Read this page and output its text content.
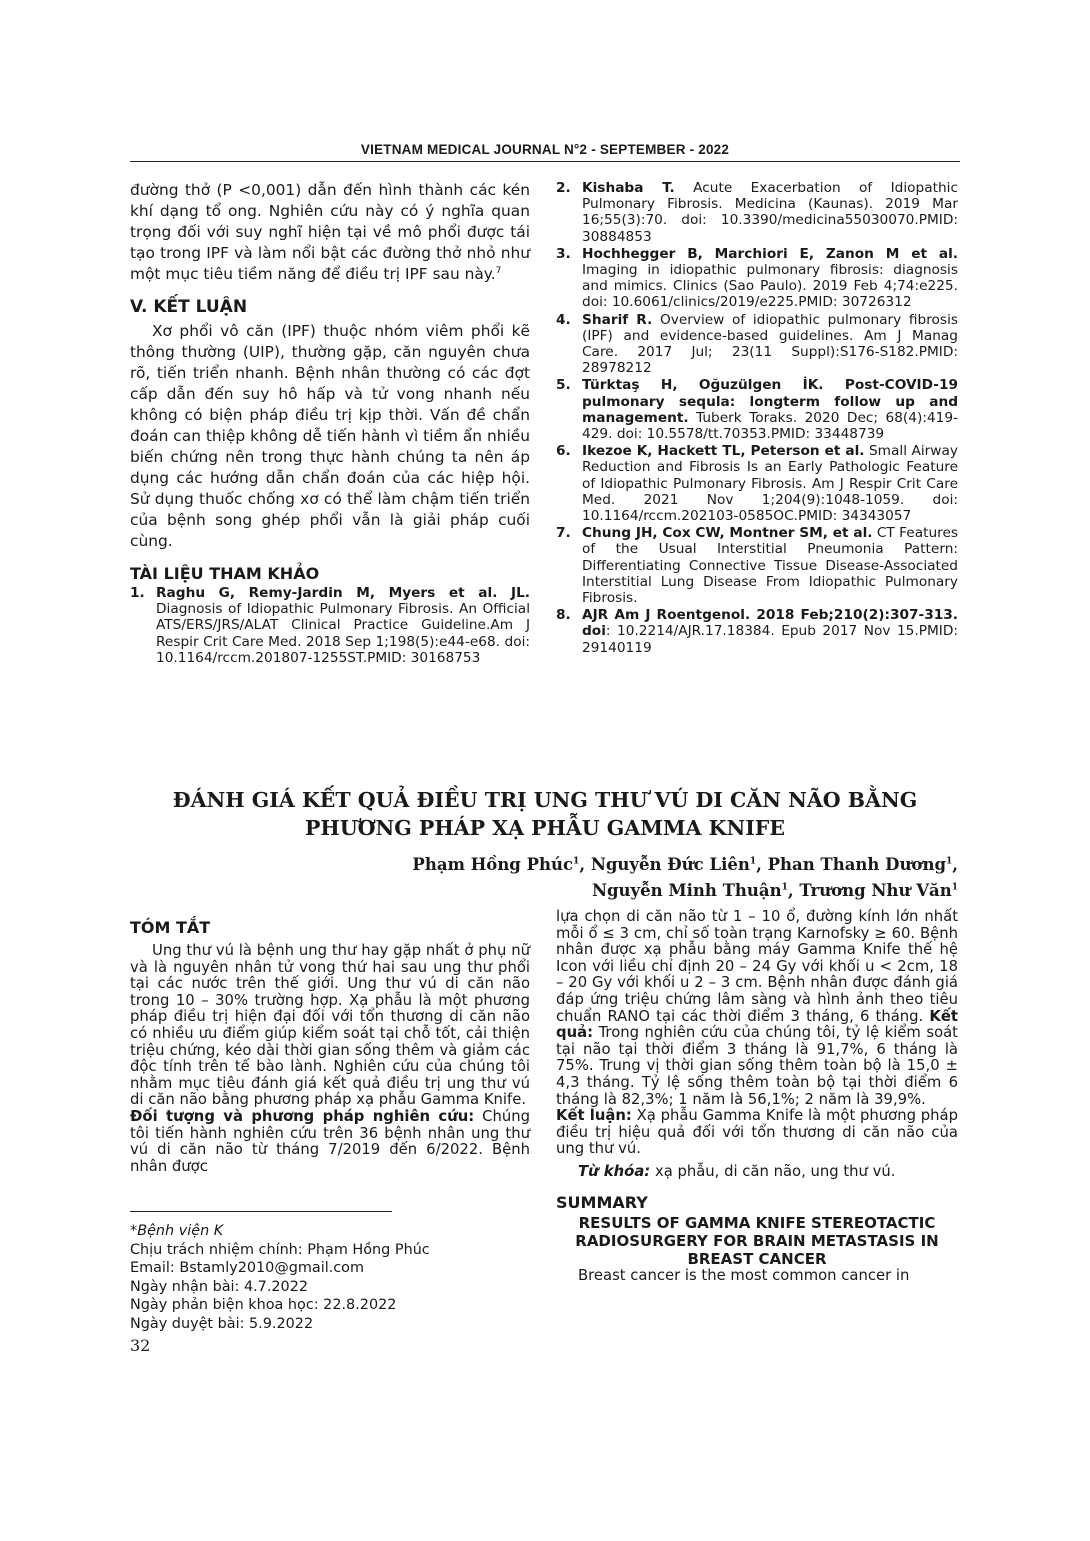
VIETNAM MEDICAL JOURNAL N°2 - SEPTEMBER - 2022

đường thở (P <0,001) dẫn đến hình thành các kén khí dạng tổ ong. Nghiên cứu này có ý nghĩa quan trọng đối với suy nghĩ hiện tại về mô phổi được tái tạo trong IPF và làm nổi bật các đường thở nhỏ như một mục tiêu tiềm năng để điều trị IPF sau này.$^7$

V. KẾT LUẬN

Xơ phổi vô căn (IPF) thuộc nhóm viêm phổi kẽ thông thường (UIP), thường gặp, căn nguyên chưa rõ, tiến triển nhanh. Bệnh nhân thường có các đợt cấp dẫn đến suy hô hấp và tử vong nhanh nếu không có biện pháp điều trị kịp thời. Vấn đề chẩn đoán can thiệp không dễ tiến hành vì tiềm ẩn nhiều biến chứng nên trong thực hành chúng ta nên áp dụng các hướng dẫn chẩn đoán của các hiệp hội. Sử dụng thuốc chống xơ có thể làm chậm tiến triển của bệnh song ghép phổi vẫn là giải pháp cuối cùng.

TÀI LIỆU THAM KHẢO
1. Raghu G, Remy-Jardin M, Myers et al. JL. Diagnosis of Idiopathic Pulmonary Fibrosis. An Official ATS/ERS/JRS/ALAT Clinical Practice Guideline.Am J Respir Crit Care Med. 2018 Sep 1;198(5):e44-e68. doi: 10.1164/rccm.201807-1255ST.PMID: 30168753
2. Kishaba T. Acute Exacerbation of Idiopathic Pulmonary Fibrosis. Medicina (Kaunas). 2019 Mar 16;55(3):70. doi: 10.3390/medicina55030070.PMID: 30884853
3. Hochhegger B, Marchiori E, Zanon M et al. Imaging in idiopathic pulmonary fibrosis: diagnosis and mimics. Clinics (Sao Paulo). 2019 Feb 4;74:e225. doi: 10.6061/clinics/2019/e225.PMID: 30726312
4. Sharif R. Overview of idiopathic pulmonary fibrosis (IPF) and evidence-based guidelines. Am J Manag Care. 2017 Jul; 23(11 Suppl):S176-S182.PMID: 28978212
5. Türktaş H, Oğuzülgen İK. Post-COVID-19 pulmonary sequla: longterm follow up and management. Tuberk Toraks. 2020 Dec; 68(4):419-429. doi: 10.5578/tt.70353.PMID: 33448739
6. Ikezoe K, Hackett TL, Peterson et al. Small Airway Reduction and Fibrosis Is an Early Pathologic Feature of Idiopathic Pulmonary Fibrosis. Am J Respir Crit Care Med. 2021 Nov 1;204(9):1048-1059. doi: 10.1164/rccm.202103-0585OC.PMID: 34343057
7. Chung JH, Cox CW, Montner SM, et al. CT Features of the Usual Interstitial Pneumonia Pattern: Differentiating Connective Tissue Disease-Associated Interstitial Lung Disease From Idiopathic Pulmonary Fibrosis.
8. AJR Am J Roentgenol. 2018 Feb;210(2):307-313. doi: 10.2214/AJR.17.18384. Epub 2017 Nov 15.PMID: 29140119
ĐÁNH GIÁ KẾT QUẢ ĐIỀU TRỊ UNG THƯ VÚ DI CĂN NÃO BẰNG
PHƯƠNG PHÁP XẠ PHẪU GAMMA KNIFE
Phạm Hồng Phúc$^1$, Nguyễn Đức Liên$^1$, Phan Thanh Dương$^1$,
Nguyễn Minh Thuận$^1$, Trương Như Văn$^1$
TÓM TẮT

Ung thư vú là bệnh ung thư hay gặp nhất ở phụ nữ và là nguyên nhân tử vong thứ hai sau ung thư phổi tại các nước trên thế giới. Ung thư vú di căn não trong 10 – 30% trường hợp. Xạ phẫu là một phương pháp điều trị hiện đại đối với tổn thương di căn não có nhiều ưu điểm giúp kiểm soát tại chỗ tốt, cải thiện triệu chứng, kéo dài thời gian sống thêm và giảm các độc tính trên tế bào lành. Nghiên cứu của chúng tôi nhằm mục tiêu đánh giá kết quả điều trị ung thư vú di căn não bằng phương pháp xạ phẫu Gamma Knife.

Đối tượng và phương pháp nghiên cứu: Chúng tôi tiến hành nghiên cứu trên 36 bệnh nhân ung thư vú di căn não từ tháng 7/2019 đến 6/2022. Bệnh nhân được

*Bệnh viện K

Chịu trách nhiệm chính: Phạm Hồng Phúc

Email: Bstamly2010@gmail.com

Ngày nhận bài: 4.7.2022

Ngày phản biện khoa học: 22.8.2022

Ngày duyệt bài: 5.9.2022

lựa chọn di căn não từ 1 – 10 ổ, đường kính lớn nhất mỗi ổ ≤ 3 cm, chỉ số toàn trạng Karnofsky ≥ 60. Bệnh nhân được xạ phẫu bằng máy Gamma Knife thế hệ Icon với liều chỉ định 20 – 24 Gy với khối u < 2cm, 18 – 20 Gy với khối u 2 – 3 cm. Bệnh nhân được đánh giá đáp ứng triệu chứng lâm sàng và hình ảnh theo tiêu chuẩn RANO tại các thời điểm 3 tháng, 6 tháng. Kết quả: Trong nghiên cứu của chúng tôi, tỷ lệ kiểm soát tại não tại thời điểm 3 tháng là 91,7%, 6 tháng là 75%. Trung vị thời gian sống thêm toàn bộ là 15,0 ± 4,3 tháng. Tỷ lệ sống thêm toàn bộ tại thời điểm 6 tháng là 82,3%; 1 năm là 56,1%; 2 năm là 39,9%.

Kết luận: Xạ phẫu Gamma Knife là một phương pháp điều trị hiệu quả đối với tổn thương di căn não của ung thư vú.

Từ khóa: xạ phẫu, di căn não, ung thư vú.

SUMMARY

RESULTS OF GAMMA KNIFE STEREOTACTIC RADIOSURGERY FOR BRAIN METASTASIS IN BREAST CANCER

Breast cancer is the most common cancer in

32
